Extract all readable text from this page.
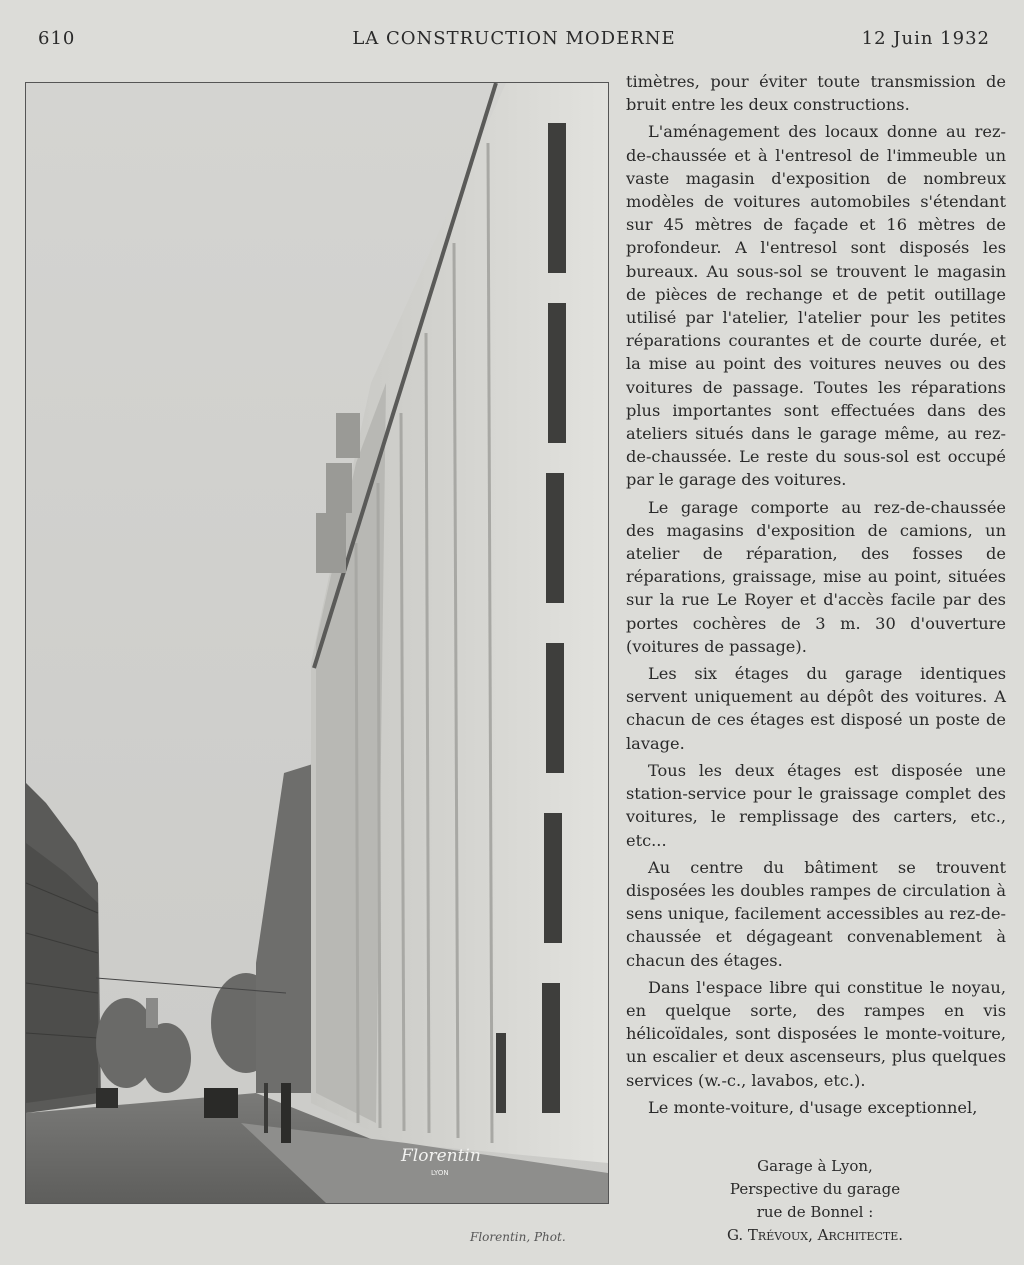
610	LA CONSTRUCTION MODERNE	12 Juin 1932
Florentin
LYON
Florentin, Phot.

timètres, pour éviter toute transmission de bruit entre les deux constructions.

L'aménagement des locaux donne au rez-de-chaussée et à l'entresol de l'immeuble un vaste magasin d'exposition de nombreux modèles de voitures automobiles s'étendant sur 45 mètres de façade et 16 mètres de profondeur. A l'entresol sont disposés les bureaux. Au sous-sol se trouvent le magasin de pièces de rechange et de petit outillage utilisé par l'atelier, l'atelier pour les petites réparations courantes et de courte durée, et la mise au point des voitures neuves ou des voitures de passage. Toutes les réparations plus importantes sont effectuées dans des ateliers situés dans le garage même, au rez-de-chaussée. Le reste du sous-sol est occupé par le garage des voitures.

Le garage comporte au rez-de-chaussée des magasins d'exposition de camions, un atelier de réparation, des fosses de réparations, graissage, mise au point, situées sur la rue Le Royer et d'accès facile par des portes cochères de 3 m. 30 d'ouverture (voitures de passage).

Les six étages du garage identiques servent uniquement au dépôt des voitures. A chacun de ces étages est disposé un poste de lavage.

Tous les deux étages est disposée une station-service pour le graissage complet des voitures, le remplissage des carters, etc., etc...

Au centre du bâtiment se trouvent disposées les doubles rampes de circulation à sens unique, facilement accessibles au rez-de-chaussée et dégageant convenablement à chacun des étages.

Dans l'espace libre qui constitue le noyau, en quelque sorte, des rampes en vis hélicoïdales, sont disposées le monte-voiture, un escalier et deux ascenseurs, plus quelques services (w.-c., lavabos, etc.).

Le monte-voiture, d'usage exceptionnel,

Garage à Lyon,
Perspective du garage
rue de Bonnel :
G. Trévoux, Architecte.
